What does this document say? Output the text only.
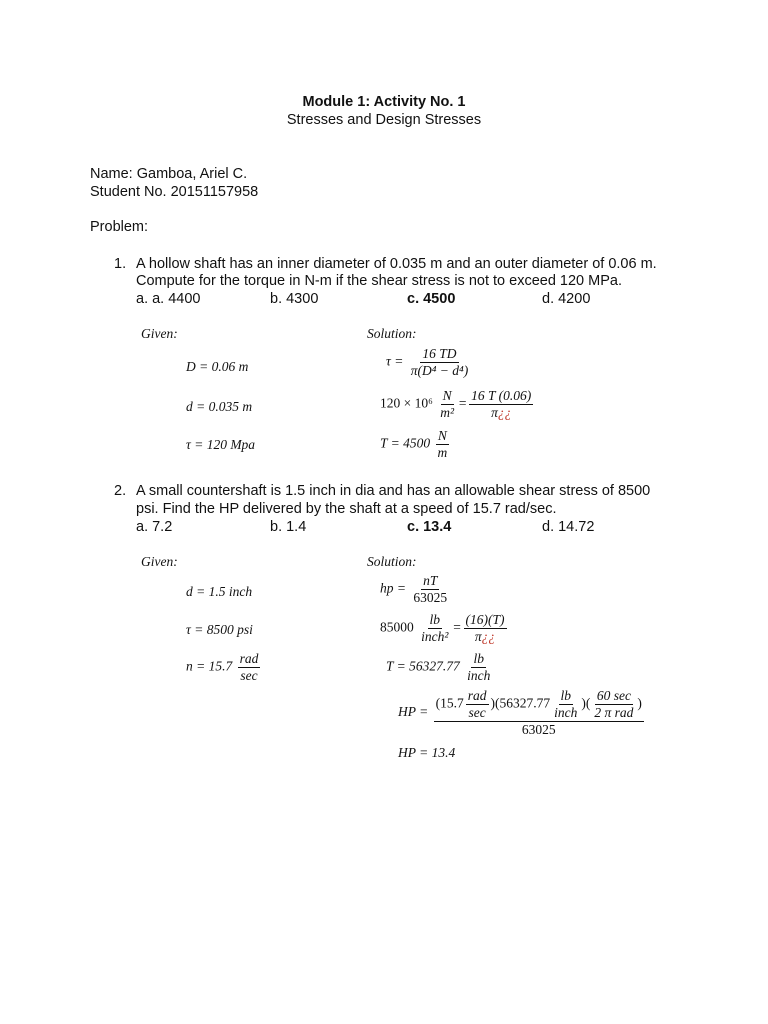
Module 1: Activity No. 1
Stresses and Design Stresses
Name: Gamboa, Ariel C.
Student No. 20151157958
Problem:
1. A hollow shaft has an inner diameter of 0.035 m and an outer diameter of 0.06 m.
Compute for the torque in N-m if the shear stress is not to exceed 120 MPa.
a. a. 4400	b. 4300	c. 4500	d. 4200
Given:	Solution:
D = 0.06 m
d = 0.035 m
τ = 120 Mpa
$\tau = \frac{16 TD}{\text{π(D⁴ − d⁴)}}$
$120 \times 10^6 \frac{N}{\text{m²}} = \frac{16 T (0.06)}{\pi¿¿}$
$T = 4500 \frac{N}{m}$
2. A small countershaft is 1.5 inch in dia and has an allowable shear stress of 8500
psi. Find the HP delivered by the shaft at a speed of 15.7 rad/sec.
a. 7.2	b. 1.4	c. 13.4	d. 14.72
Given:	Solution:
d = 1.5 inch
τ = 8500 psi
$n = 15.7 \frac{\text{rad}}{\sec}$
hp = $\frac{nT}{63025}$
$85000 \frac{lb}{\text{inch²}} = \frac{(16)(T)}{\pi¿¿}$
$T = 56327.77 \frac{lb}{\text{inch}}$
HP = $\frac{(15.7 \frac{\text{rad}}{\sec} )(56327.77 \frac{lb}{\text{inch}} )( \frac{60 \sec}{\text{2 π rad}} )}{63025}$
HP = 13.4
